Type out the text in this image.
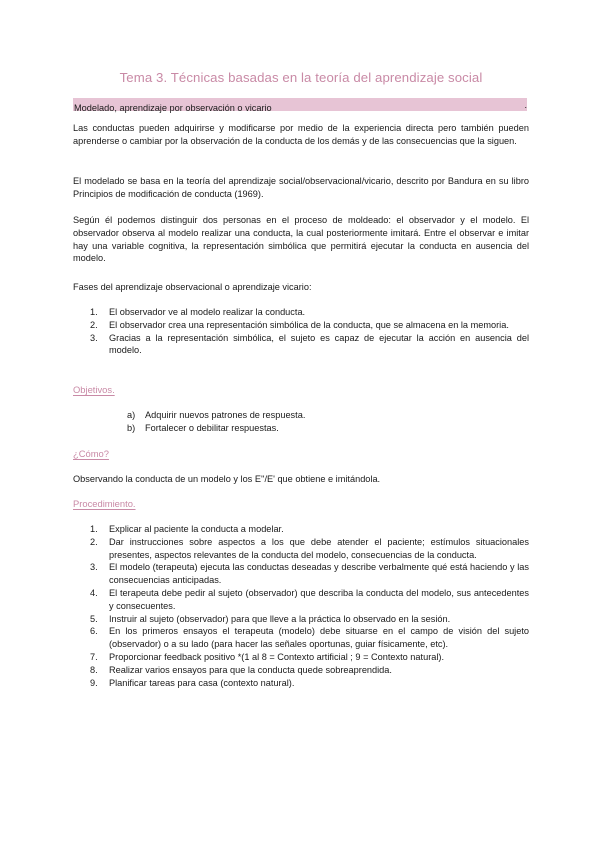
Tema 3. Técnicas basadas en la teoría del aprendizaje social
Modelado, aprendizaje por observación o vicario	.

Las conductas pueden adquirirse y modificarse por medio de la experiencia directa pero también pueden aprenderse o cambiar por la observación de la conducta de los demás y de las consecuencias que la siguen.

El modelado se basa en la teoría del aprendizaje social/observacional/vicario, descrito por Bandura en su libro Principios de modificación de conducta (1969).

Según él podemos distinguir dos personas en el proceso de moldeado: el observador y el modelo. El observador observa al modelo realizar una conducta, la cual posteriormente imitará. Entre el observar e imitar hay una variable cognitiva, la representación simbólica que permitirá ejecutar la conducta en ausencia del modelo.

Fases del aprendizaje observacional o aprendizaje vicario:

1. El observador ve al modelo realizar la conducta.
2. El observador crea una representación simbólica de la conducta, que se almacena en la memoria.
3. Gracias a la representación simbólica, el sujeto es capaz de ejecutar la acción en ausencia del modelo.
Objetivos.
a) Adquirir nuevos patrones de respuesta.
b) Fortalecer o debilitar respuestas.
¿Cómo?

Observando la conducta de un modelo y los E''/E' que obtiene e imitándola.

Procedimiento.
1. Explicar al paciente la conducta a modelar.
2. Dar instrucciones sobre aspectos a los que debe atender el paciente; estímulos situacionales presentes, aspectos relevantes de la conducta del modelo, consecuencias de la conducta.
3. El modelo (terapeuta) ejecuta las conductas deseadas y describe verbalmente qué está haciendo y las consecuencias anticipadas.
4. El terapeuta debe pedir al sujeto (observador) que describa la conducta del modelo, sus antecedentes y consecuentes.
5. Instruir al sujeto (observador) para que lleve a la práctica lo observado en la sesión.
6. En los primeros ensayos el terapeuta (modelo) debe situarse en el campo de visión del sujeto (observador) o a su lado (para hacer las señales oportunas, guiar físicamente, etc).
7. Proporcionar feedback positivo *(1 al 8 = Contexto artificial ; 9 = Contexto natural).
8. Realizar varios ensayos para que la conducta quede sobreaprendida.
9. Planificar tareas para casa (contexto natural).
